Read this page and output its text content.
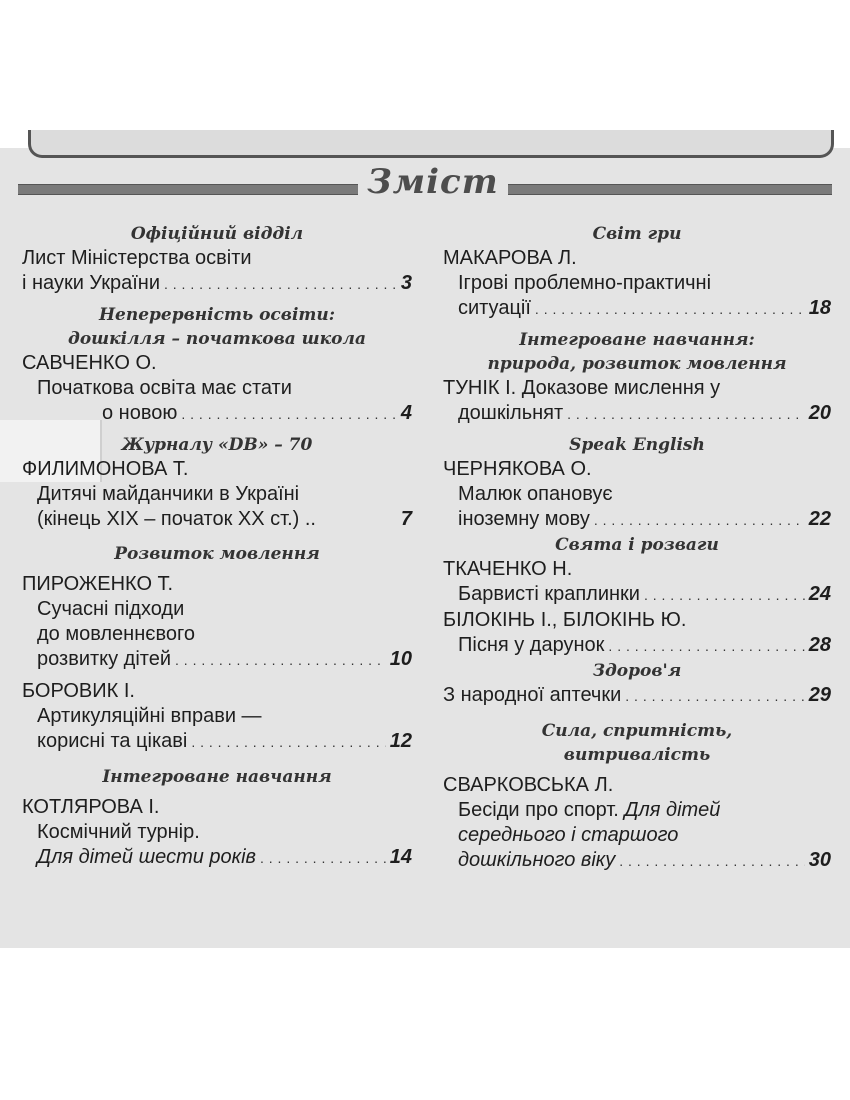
Зміст
Офіційний відділ
Лист Міністерства освіти
і науки України . . .	3
Неперервність освіти:
дошкілля – початкова школа
САВЧЕНКО О.
Початкова освіта має стати
о новою . . .	4
Журналу «DB» – 70
ФИЛИМОНОВА Т.
Дитячі майданчики в Україні
(кінець XIX – початок XX ст.) ..	7
Розвиток мовлення
ПИРОЖЕНКО Т.
Сучасні підходи
до мовленнєвого
розвитку дітей . . .	10
БОРОВИК І.
Артикуляційні вправи —
корисні та цікаві . . .	12
Інтегроване навчання
КОТЛЯРОВА І.
Космічний турнір.
Для дітей шести років . . .	14
Світ гри
МАКАРОВА Л.
Ігрові проблемно-практичні
ситуації . . .	18
Інтегроване навчання:
природа, розвиток мовлення
ТУНІК І. Доказове мислення у
дошкільнят . . .	20
Speak English
ЧЕРНЯКОВА О.
Малюк опановує
іноземну мову . . .	22
Свята і розваги
ТКАЧЕНКО Н.
Барвисті краплинки . . .	24
БІЛОКІНЬ І., БІЛОКІНЬ Ю.
Пісня у дарунок . . .	28
Здоров'я
З народної аптечки . . .	29
Сила, спритність,
витривалість
СВАРКОВСЬКА Л.
Бесіди про спорт. Для дітей
середнього і старшого
дошкільного віку . . .	30
